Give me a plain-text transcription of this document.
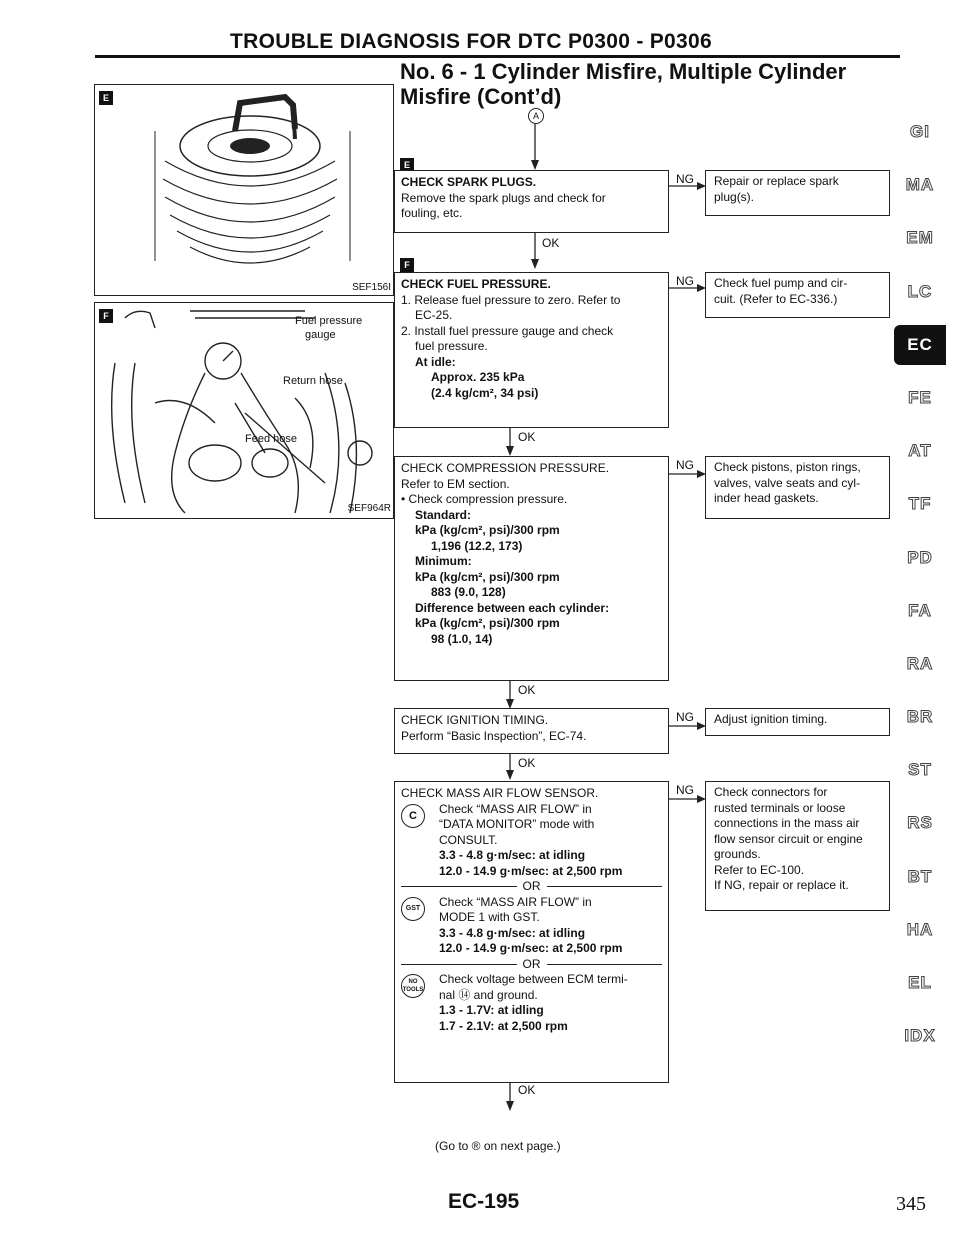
TROUBLE DIAGNOSIS FOR DTC P0300 - P0306
No. 6 - 1 Cylinder Misfire, Multiple Cylinder
Misfire (Cont’d)
A
E
SEF156I
F	Fuel pressure
gauge
Return hose
Feed hose
SEF964R
E
CHECK SPARK PLUGS.
Remove the spark plugs and check for
fouling, etc.
NG Repair or replace spark
plug(s).
OK
F
CHECK FUEL PRESSURE.
1. Release fuel pressure to zero. Refer to
EC-25.
2. Install fuel pressure gauge and check
fuel pressure.
At idle:
Approx. 235 kPa
(2.4 kg/cm², 34 psi)
NG Check fuel pump and cir-
cuit. (Refer to EC-336.)
OK
CHECK COMPRESSION PRESSURE.
Refer to EM section.
• Check compression pressure.
Standard:
kPa (kg/cm², psi)/300 rpm
1,196 (12.2, 173)
Minimum:
kPa (kg/cm², psi)/300 rpm
883 (9.0, 128)
Difference between each cylinder:
kPa (kg/cm², psi)/300 rpm
98 (1.0, 14)
NG Check pistons, piston rings,
valves, valve seats and cyl-
inder head gaskets.
OK
CHECK IGNITION TIMING.
Perform “Basic Inspection”, EC-74.
NG Adjust ignition timing.
OK
CHECK MASS AIR FLOW SENSOR.
C Check “MASS AIR FLOW” in
“DATA MONITOR” mode with
CONSULT.
3.3 - 4.8 g·m/sec: at idling
12.0 - 14.9 g·m/sec: at 2,500 rpm
OR
GST Check “MASS AIR FLOW” in
MODE 1 with GST.
3.3 - 4.8 g·m/sec: at idling
12.0 - 14.9 g·m/sec: at 2,500 rpm
OR
NO TOOLS
Check voltage between ECM termi-
nal ⑭ and ground.
1.3 - 1.7V: at idling
1.7 - 2.1V: at 2,500 rpm
NG Check connectors for
rusted terminals or loose
connections in the mass air
flow sensor circuit or engine
grounds.
Refer to EC-100.
If NG, repair or replace it.
OK
(Go to ® on next page.)
GI
MA
EM
LC
EC
FE
AT
TF
PD
FA
RA
BR
ST
RS
BT
HA
EL
IDX
EC-195	345
